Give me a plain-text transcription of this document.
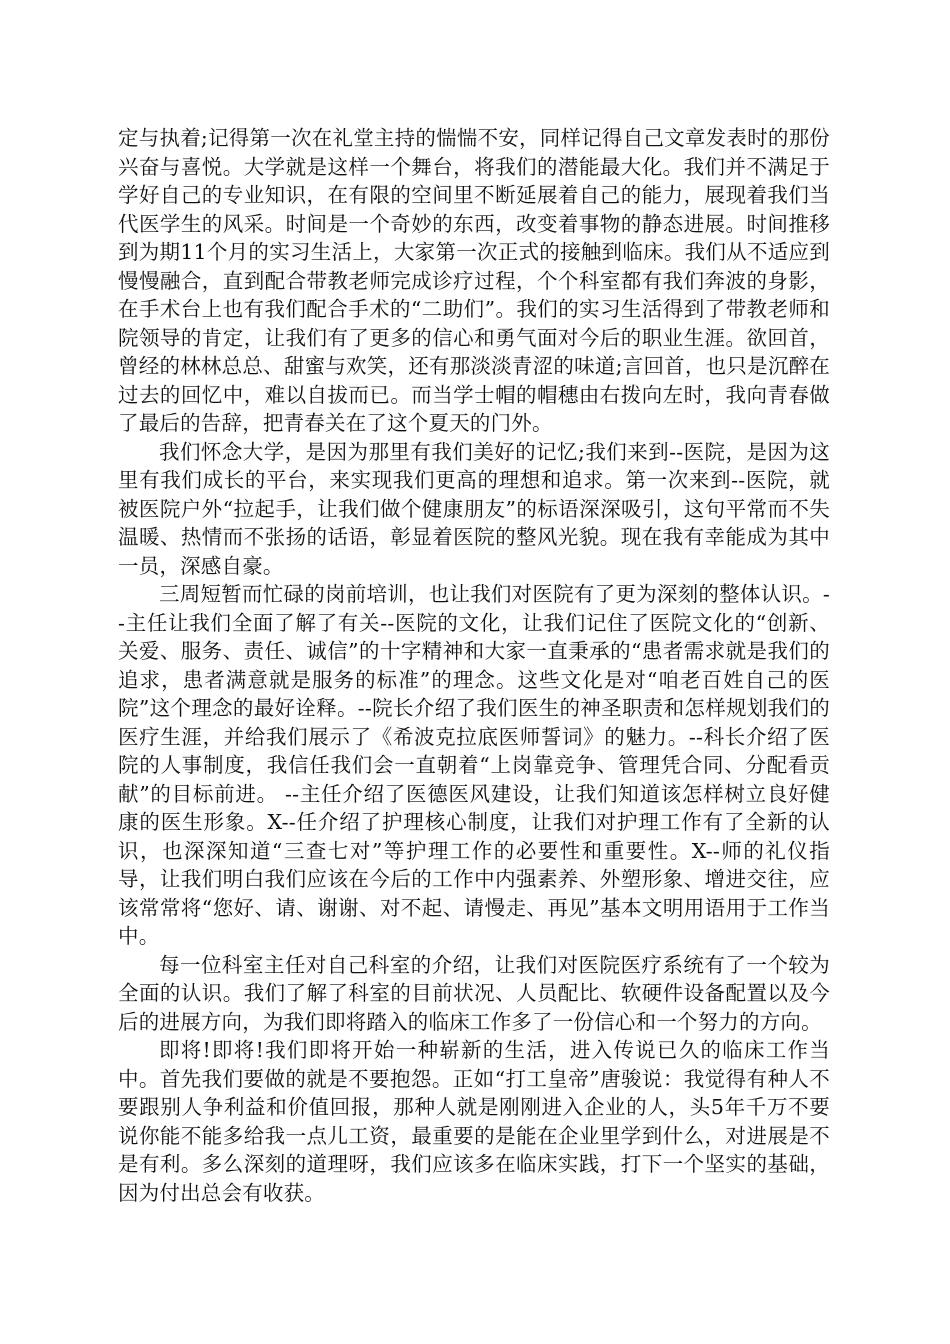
定与执着;记得第一次在礼堂主持的惴惴不安，同样记得自己文章发表时的那份兴奋与喜悦。大学就是这样一个舞台，将我们的潜能最大化。我们并不满足于学好自己的专业知识，在有限的空间里不断延展着自己的能力，展现着我们当代医学生的风采。时间是一个奇妙的东西，改变着事物的静态进展。时间推移到为期11个月的实习生活上，大家第一次正式的接触到临床。我们从不适应到慢慢融合，直到配合带教老师完成诊疗过程，个个科室都有我们奔波的身影，在手术台上也有我们配合手术的“二助们”。我们的实习生活得到了带教老师和院领导的肯定，让我们有了更多的信心和勇气面对今后的职业生涯。欲回首，曾经的林林总总、甜蜜与欢笑，还有那淡淡青涩的味道;言回首，也只是沉醉在过去的回忆中，难以自拔而已。而当学士帽的帽穗由右拨向左时，我向青春做了最后的告辞，把青春关在了这个夏天的门外。

我们怀念大学，是因为那里有我们美好的记忆;我们来到--医院，是因为这里有我们成长的平台，来实现我们更高的理想和追求。第一次来到--医院，就被医院户外“拉起手，让我们做个健康朋友”的标语深深吸引，这句平常而不失温暖、热情而不张扬的话语，彰显着医院的整风光貌。现在我有幸能成为其中一员，深感自豪。

三周短暂而忙碌的岗前培训，也让我们对医院有了更为深刻的整体认识。--主任让我们全面了解了有关--医院的文化，让我们记住了医院文化的“创新、关爱、服务、责任、诚信”的十字精神和大家一直秉承的“患者需求就是我们的追求，患者满意就是服务的标准”的理念。这些文化是对“咱老百姓自己的医院”这个理念的最好诠释。--院长介绍了我们医生的神圣职责和怎样规划我们的医疗生涯，并给我们展示了《希波克拉底医师誓词》的魅力。--科长介绍了医院的人事制度，我信任我们会一直朝着“上岗靠竞争、管理凭合同、分配看贡献”的目标前进。 --主任介绍了医德医风建设，让我们知道该怎样树立良好健康的医生形象。X--任介绍了护理核心制度，让我们对护理工作有了全新的认识，也深深知道“三查七对”等护理工作的必要性和重要性。X--师的礼仪指导，让我们明白我们应该在今后的工作中内强素养、外塑形象、增进交往，应该常常将“您好、请、谢谢、对不起、请慢走、再见”基本文明用语用于工作当中。

每一位科室主任对自己科室的介绍，让我们对医院医疗系统有了一个较为全面的认识。我们了解了科室的目前状况、人员配比、软硬件设备配置以及今后的进展方向，为我们即将踏入的临床工作多了一份信心和一个努力的方向。

即将!即将!我们即将开始一种崭新的生活，进入传说已久的临床工作当中。首先我们要做的就是不要抱怨。正如“打工皇帝”唐骏说：我觉得有种人不要跟别人争利益和价值回报，那种人就是刚刚进入企业的人，头5年千万不要说你能不能多给我一点儿工资，最重要的是能在企业里学到什么，对进展是不是有利。多么深刻的道理呀，我们应该多在临床实践，打下一个坚实的基础，因为付出总会有收获。
